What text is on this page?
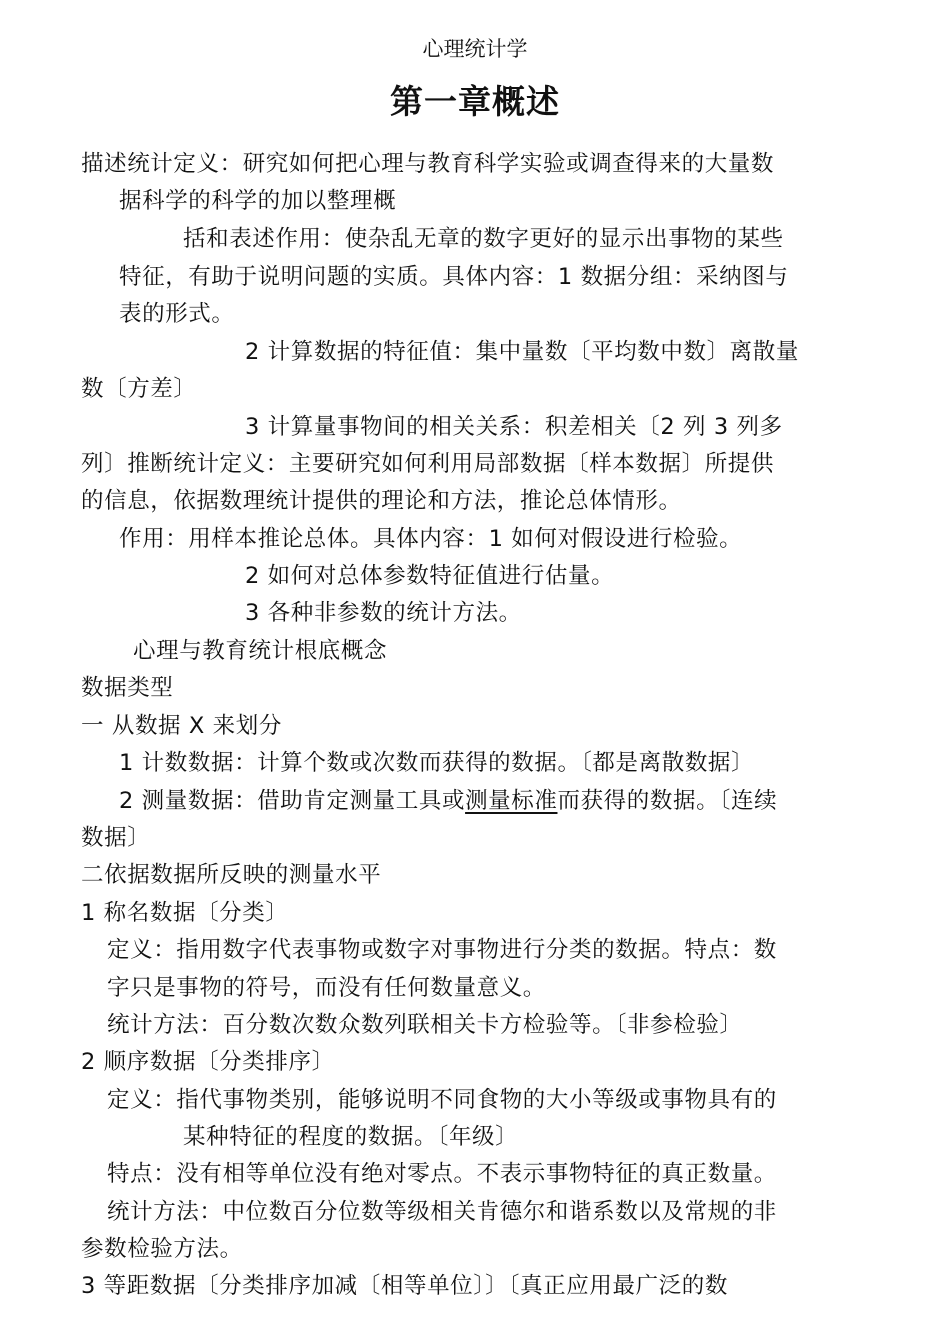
心理统计学
第一章概述
描述统计定义：研究如何把心理与教育科学实验或调查得来的大量数
据科学的科学的加以整理概
括和表述作用：使杂乱无章的数字更好的显示出事物的某些
特征，有助于说明问题的实质。具体内容：1 数据分组：采纳图与
表的形式。
2 计算数据的特征值：集中量数〔平均数中数〕离散量
数〔方差〕
3 计算量事物间的相关关系：积差相关〔2 列 3 列多
列〕推断统计定义：主要研究如何利用局部数据〔样本数据〕所提供
的信息，依据数理统计提供的理论和方法，推论总体情形。
作用：用样本推论总体。具体内容：1 如何对假设进行检验。
2 如何对总体参数特征值进行估量。
3 各种非参数的统计方法。
心理与教育统计根底概念
数据类型
一 从数据 X 来划分
1 计数数据：计算个数或次数而获得的数据。〔都是离散数据〕
2 测量数据：借助肯定测量工具或测量标准而获得的数据。〔连续
数据〕
二依据数据所反映的测量水平
1 称名数据〔分类〕
定义：指用数字代表事物或数字对事物进行分类的数据。特点：数
字只是事物的符号，而没有任何数量意义。
统计方法：百分数次数众数列联相关卡方检验等。〔非参检验〕
2 顺序数据〔分类排序〕
定义：指代事物类别，能够说明不同食物的大小等级或事物具有的
某种特征的程度的数据。〔年级〕
特点：没有相等单位没有绝对零点。不表示事物特征的真正数量。
统计方法：中位数百分位数等级相关肯德尔和谐系数以及常规的非
参数检验方法。
3 等距数据〔分类排序加减〔相等单位〕〕〔真正应用最广泛的数
